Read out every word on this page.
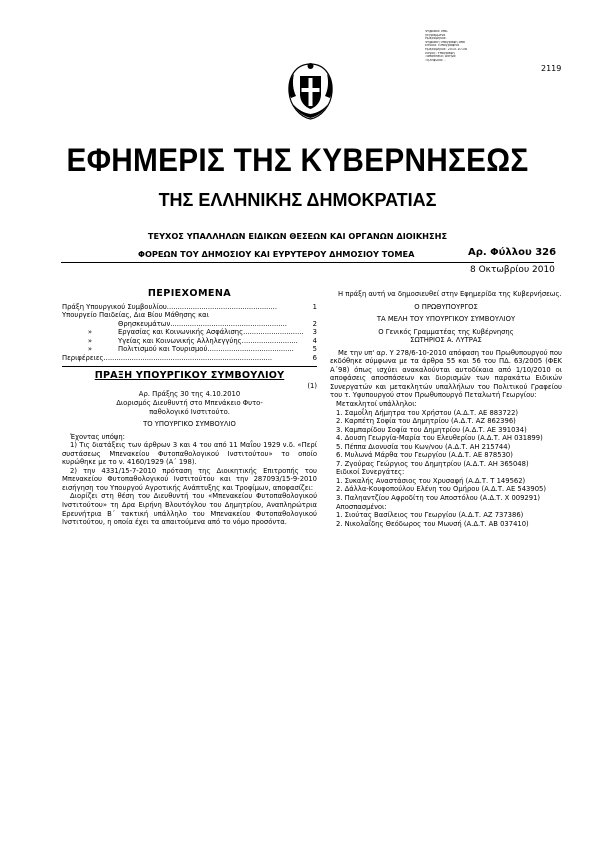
Ψηφιακά υπο-
γεγραμμένο
Ημερομηνία:
Ψηφιακή υπογραφή από
Εθνικό Τυπογραφείο
Ημερομηνία: 2010.10.08
Λόγος: Υπογραφή
Τοποθεσία: Αθήνα
Τηλέφωνο: -
2119
ΕΦΗΜΕΡΙΣ ΤΗΣ ΚΥΒΕΡΝΗΣΕΩΣ
ΤΗΣ ΕΛΛΗΝΙΚΗΣ ΔΗΜΟΚΡΑΤΙΑΣ
ΤΕΥΧΟΣ ΥΠΑΛΛΗΛΩΝ ΕΙΔΙΚΩΝ ΘΕΣΕΩΝ ΚΑΙ ΟΡΓΑΝΩΝ ΔΙΟΙΚΗΣΗΣ
ΦΟΡΕΩΝ ΤΟΥ ΔΗΜΟΣΙΟΥ ΚΑΙ ΕΥΡΥΤΕΡΟΥ ΔΗΜΟΣΙΟΥ ΤΟΜΕΑ	Αρ. Φύλλου 326
8 Οκτωβρίου 2010
ΠΕΡΙΕΧΟΜΕΝΑ
Πράξη Υπουργικού Συμβουλίου ...................................................	1
Υπουργείο Παιδείας, Δια Βίου Μάθησης και
Θρησκευμάτων ......................................................	2
»	Εργασίας και Κοινωνικής Ασφάλισης ............................	3
»	Υγείας και Κοινωνικής Αλληλεγγύης ..........................	4
»	Πολιτισμού και Τουρισμού ........................................	5
Περιφέρειες ..............................................................................	6
ΠΡΑΞΗ ΥΠΟΥΡΓΙΚΟΥ ΣΥΜΒΟΥΛΙΟΥ
(1)
Αρ. Πράξης 30 της 4.10.2010
Διορισμός Διευθυντή στο Μπενάκειο Φυτο-παθολογικό Ινστιτούτο.
ΤΟ ΥΠΟΥΡΓΙΚΟ ΣΥΜΒΟΥΛΙΟ
Έχοντας υπόψη:
1) Τις διατάξεις των άρθρων 3 και 4 του από 11 Μαΐου 1929 ν.δ. «Περί συστάσεως Μπενακείου Φυτοπαθολογικού Ινστιτούτου» το οποίο κυρώθηκε με το ν. 4160/1929 (Α΄ 198).
2) την 4331/15-7-2010 πρόταση της Διοικητικής Επιτροπής του Μπενακείου Φυτοπαθολογικού Ινστιτούτου και την 287093/15-9-2010 εισήγηση του Υπουργού Αγροτικής Ανάπτυξης και Τροφίμων, αποφασίζει:
Διορίζει στη θέση του Διευθυντή του «Μπενακείου Φυτοπαθολογικού Ινστιτούτου» τη Δρα Ειρήνη Βλουτόγλου του Δημητρίου, Αναπληρώτρια Ερευνήτρια Β΄ τακτική υπάλληλο του Μπενακείου Φυτοπαθολογικού Ινστιτούτου, η οποία έχει τα απαιτούμενα από το νόμο προσόντα.
Η πράξη αυτή να δημοσιευθεί στην Εφημερίδα της Κυβερνήσεως.
Ο ΠΡΩΘΥΠΟΥΡΓΟΣ
ΤΑ ΜΕΛΗ ΤΟΥ ΥΠΟΥΡΓΙΚΟΥ ΣΥΜΒΟΥΛΙΟΥ
Ο Γενικός Γραμματέας της Κυβέρνησης
ΣΩΤΗΡΙΟΣ Α. ΛΥΤΡΑΣ
Με την υπ' αρ. Υ 278/6-10-2010 απόφαση του Πρωθυπουργού που εκδόθηκε σύμφωνα με τα άρθρα 55 και 56 του ΠΔ. 63/2005 (ΦΕΚ Α΄98) όπως ισχύει ανακαλούνται αυτοδίκαια από 1/10/2010 οι αποφάσεις αποσπάσεων και διορισμών των παρακάτω Ειδικών Συνεργατών και μετακλητών υπαλλήλων του Πολιτικού Γραφείου του τ. Υφυπουργού στον Πρωθυπουργό Πεταλωτή Γεωργίου:
Μετακλητοί υπάλληλοι:
1. Σαμοΐλη Δήμητρα του Χρήστου (Α.Δ.Τ. ΑΕ 883722)
2. Καρπέτη Σοφία του Δημητρίου (Α.Δ.Τ. ΑΖ 862396)
3. Καμπαρίδου Σοφία του Δημητρίου (Α.Δ.Τ. ΑΕ 391034)
4. Δουση Γεωργία-Μαρία του Ελευθερίου (Α.Δ.Τ. ΑΗ 031899)
5. Πέππα Διονυσία του Κων/νου (Α.Δ.Τ. ΑΗ 215744)
6. Μυλωνά Μάρθα του Γεωργίου (Α.Δ.Τ. ΑΕ 878530)
7. Ζγούρας Γεώργιος του Δημητρίου (Α.Δ.Τ. ΑΗ 365048)
Ειδικοί Συνεργάτες:
1. Συκαλής Αναστάσιος του Χρυσαφή (Α.Δ.Τ. Τ 149562)
2. Δάλλα-Κουφοπούλου Ελένη του Ομήρου (Α.Δ.Τ. ΑΕ 543905)
3. Παληαντζίου Αφροδίτη του Αποστόλου (Α.Δ.Τ. Χ 009291)
Αποσπασμένοι:
1. Σιούτας Βασίλειος του Γεωργίου (Α.Δ.Τ. ΑΖ 737386)
2. Νικολαΐδης Θεόδωρος του Μωυσή (Α.Δ.Τ. ΑΒ 037410)
